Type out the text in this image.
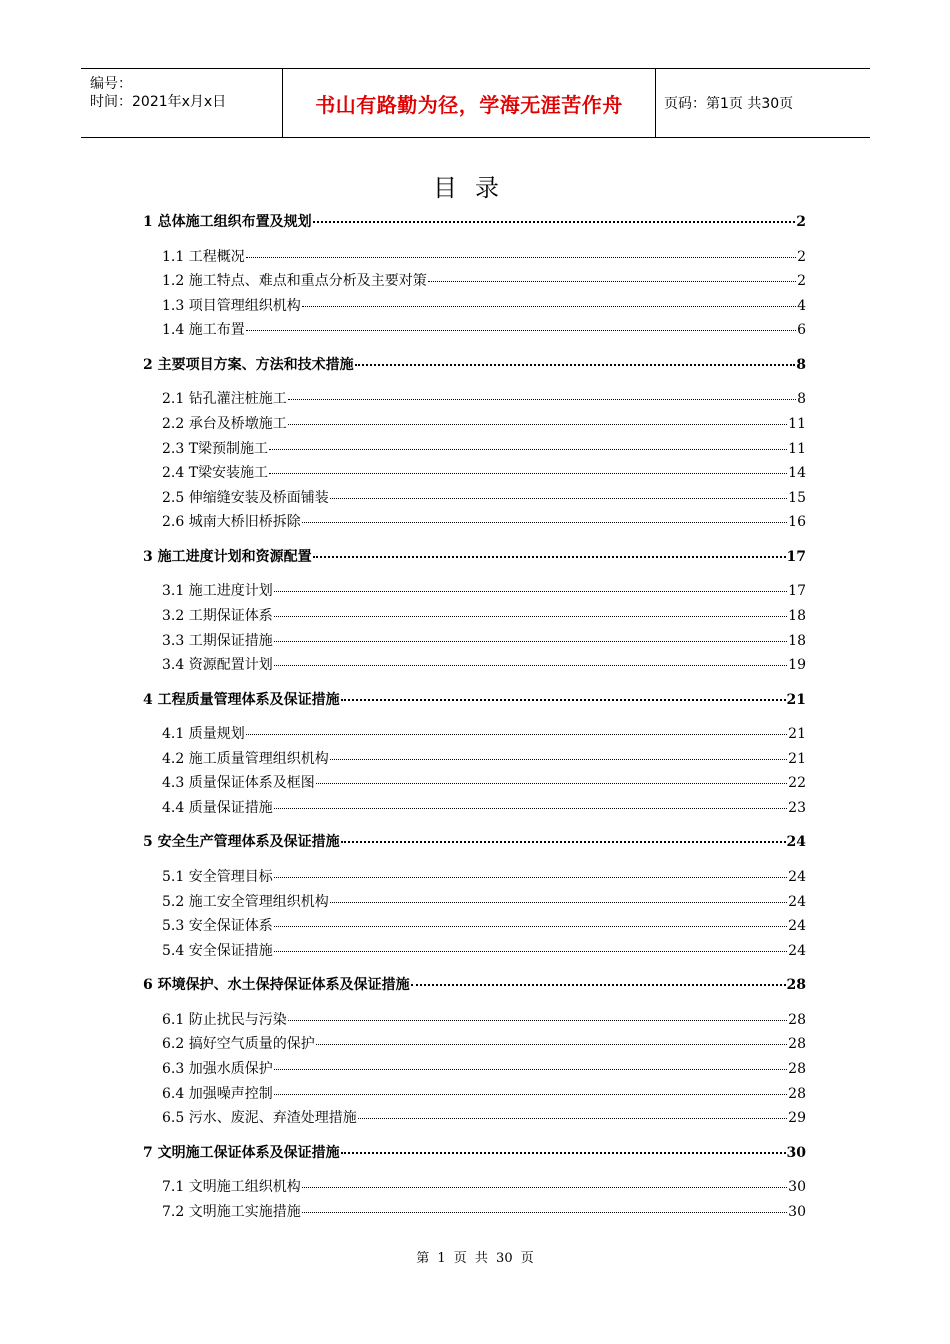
编号：
时间：2021年x月x日	书山有路勤为径，学海无涯苦作舟	页码：第1页 共30页
目录
1 总体施工组织布置及规划	2
1.1 工程概况	2
1.2 施工特点、难点和重点分析及主要对策	2
1.3 项目管理组织机构	4
1.4 施工布置	6
2 主要项目方案、方法和技术措施	8
2.1 钻孔灌注桩施工	8
2.2 承台及桥墩施工	11
2.3 T梁预制施工	11
2.4 T梁安装施工	14
2.5 伸缩缝安装及桥面铺装	15
2.6 城南大桥旧桥拆除	16
3 施工进度计划和资源配置	17
3.1 施工进度计划	17
3.2 工期保证体系	18
3.3 工期保证措施	18
3.4 资源配置计划	19
4 工程质量管理体系及保证措施	21
4.1 质量规划	21
4.2 施工质量管理组织机构	21
4.3 质量保证体系及框图	22
4.4 质量保证措施	23
5 安全生产管理体系及保证措施	24
5.1 安全管理目标	24
5.2 施工安全管理组织机构	24
5.3 安全保证体系	24
5.4 安全保证措施	24
6 环境保护、水土保持保证体系及保证措施	28
6.1 防止扰民与污染	28
6.2 搞好空气质量的保护	28
6.3 加强水质保护	28
6.4 加强噪声控制	28
6.5 污水、废泥、弃渣处理措施	29
7 文明施工保证体系及保证措施	30
7.1 文明施工组织机构	30
7.2 文明施工实施措施	30
第 1 页 共 30 页
